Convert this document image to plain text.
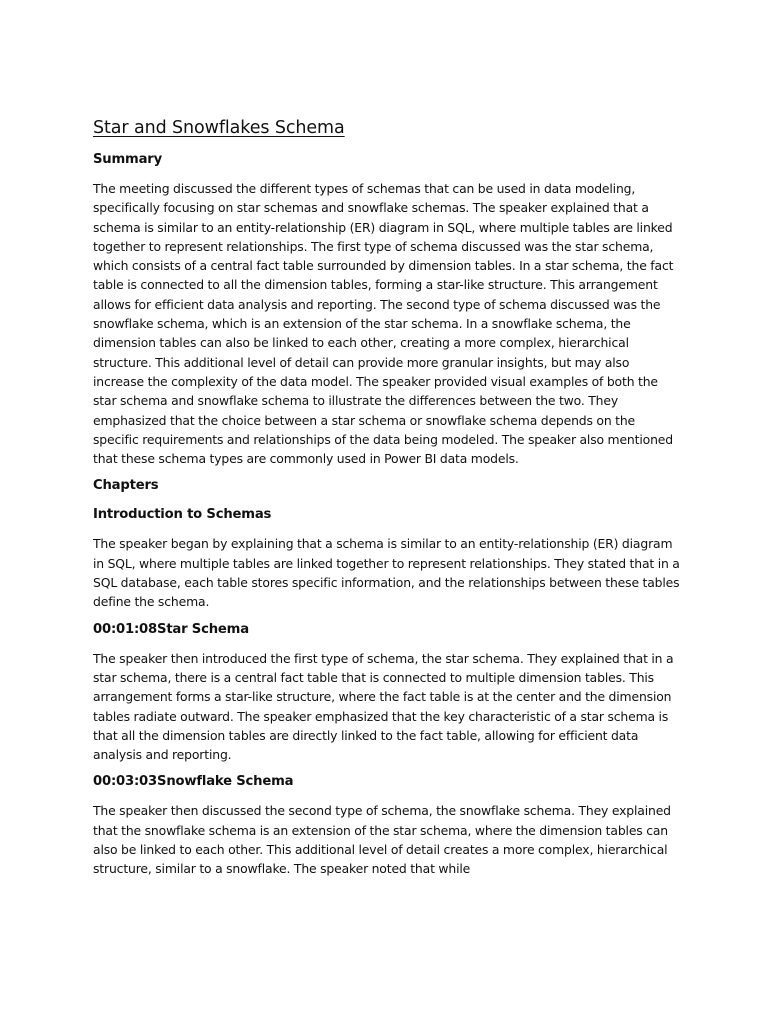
Star and Snowflakes Schema
Summary

The meeting discussed the different types of schemas that can be used in data modeling, specifically focusing on star schemas and snowflake schemas. The speaker explained that a schema is similar to an entity-relationship (ER) diagram in SQL, where multiple tables are linked together to represent relationships. The first type of schema discussed was the star schema, which consists of a central fact table surrounded by dimension tables. In a star schema, the fact table is connected to all the dimension tables, forming a star-like structure. This arrangement allows for efficient data analysis and reporting. The second type of schema discussed was the snowflake schema, which is an extension of the star schema. In a snowflake schema, the dimension tables can also be linked to each other, creating a more complex, hierarchical structure. This additional level of detail can provide more granular insights, but may also increase the complexity of the data model. The speaker provided visual examples of both the star schema and snowflake schema to illustrate the differences between the two. They emphasized that the choice between a star schema or snowflake schema depends on the specific requirements and relationships of the data being modeled. The speaker also mentioned that these schema types are commonly used in Power BI data models.

Chapters
Introduction to Schemas

The speaker began by explaining that a schema is similar to an entity-relationship (ER) diagram in SQL, where multiple tables are linked together to represent relationships. They stated that in a SQL database, each table stores specific information, and the relationships between these tables define the schema.

00:01:08Star Schema

The speaker then introduced the first type of schema, the star schema. They explained that in a star schema, there is a central fact table that is connected to multiple dimension tables. This arrangement forms a star-like structure, where the fact table is at the center and the dimension tables radiate outward. The speaker emphasized that the key characteristic of a star schema is that all the dimension tables are directly linked to the fact table, allowing for efficient data analysis and reporting.

00:03:03Snowflake Schema

The speaker then discussed the second type of schema, the snowflake schema. They explained that the snowflake schema is an extension of the star schema, where the dimension tables can also be linked to each other. This additional level of detail creates a more complex, hierarchical structure, similar to a snowflake. The speaker noted that while
